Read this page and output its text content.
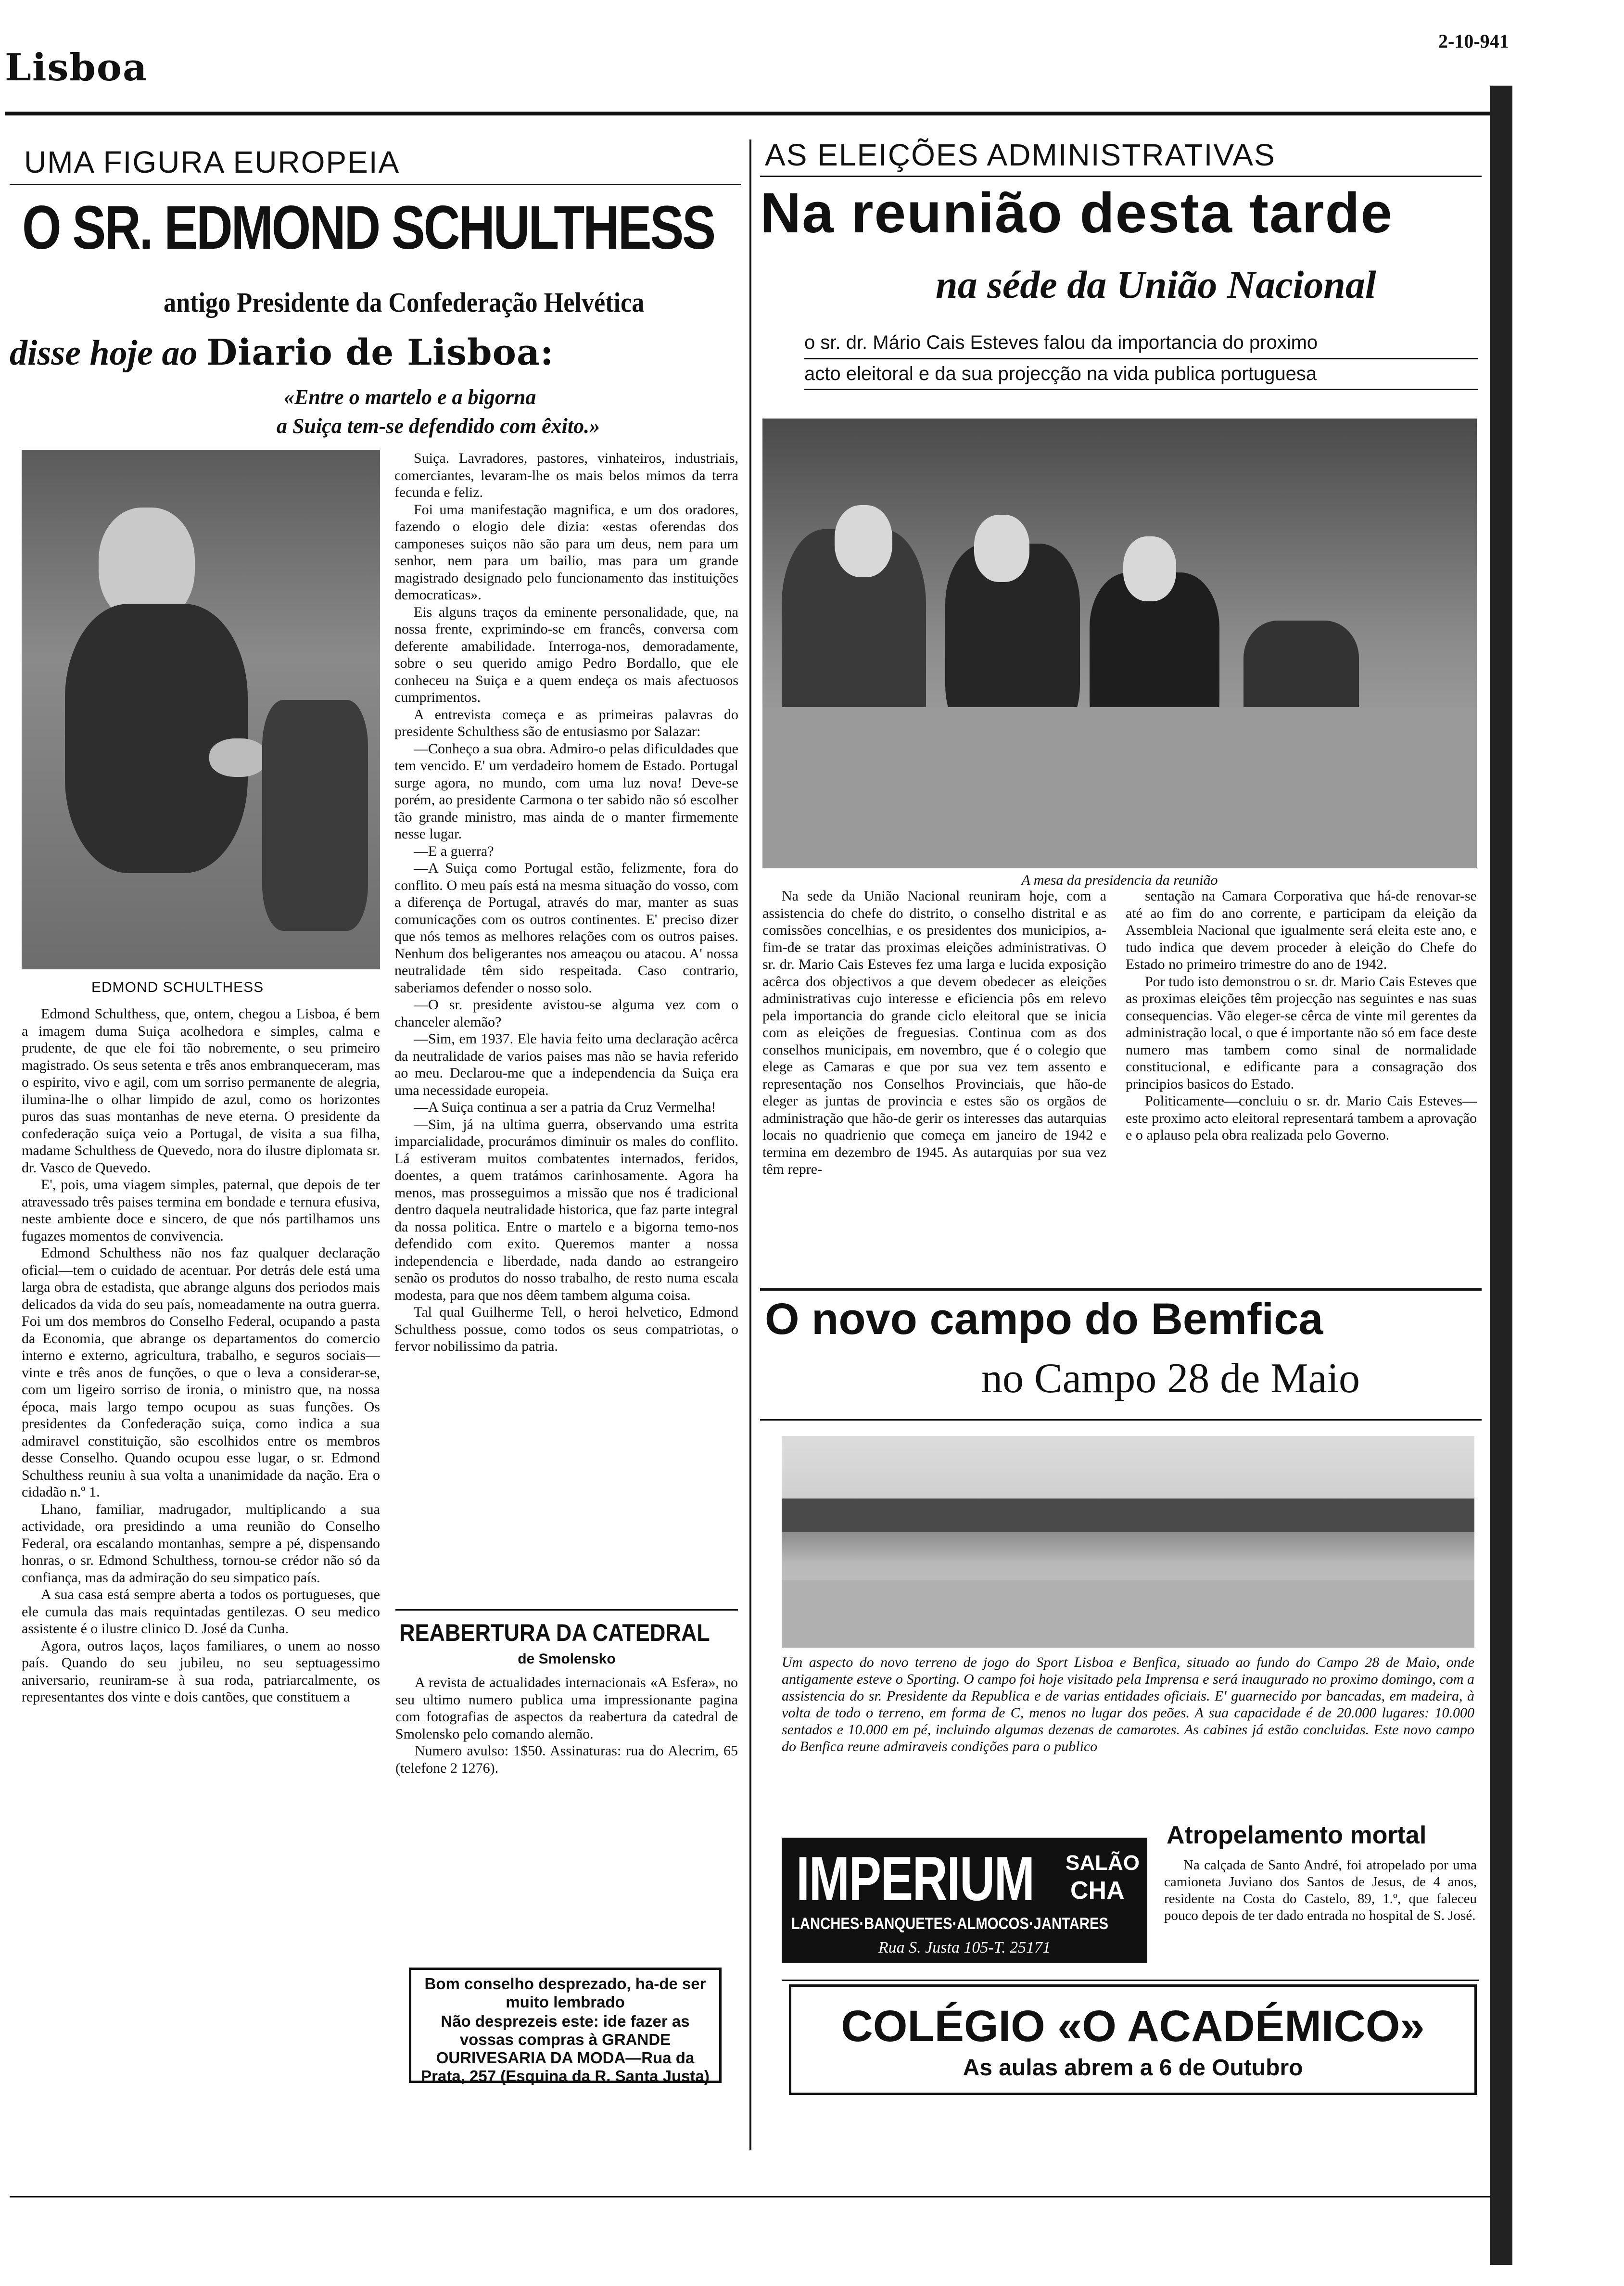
Lisboa
2-10-941
UMA FIGURA EUROPEIA
O SR. EDMOND SCHULTHESS
antigo Presidente da Confederação Helvética
disse hoje ao Diario de Lisboa:
«Entre o martelo e a bigorna
a Suiça tem-se defendido com êxito.»
EDMOND SCHULTHESS

Edmond Schulthess, que, ontem, chegou a Lisboa, é bem a imagem duma Suiça acolhedora e simples, calma e prudente, de que ele foi tão nobremente, o seu primeiro magistrado. Os seus setenta e três anos embranqueceram, mas o espirito, vivo e agil, com um sorriso permanente de alegria, ilumina-lhe o olhar limpido de azul, como os horizontes puros das suas montanhas de neve eterna. O presidente da confederação suiça veio a Portugal, de visita a sua filha, madame Schulthess de Quevedo, nora do ilustre diplomata sr. dr. Vasco de Quevedo.

E', pois, uma viagem simples, paternal, que depois de ter atravessado três paises termina em bondade e ternura efusiva, neste ambiente doce e sincero, de que nós partilhamos uns fugazes momentos de convivencia.

Edmond Schulthess não nos faz qualquer declaração oficial—tem o cuidado de acentuar. Por detrás dele está uma larga obra de estadista, que abrange alguns dos periodos mais delicados da vida do seu país, nomeadamente na outra guerra. Foi um dos membros do Conselho Federal, ocupando a pasta da Economia, que abrange os departamentos do comercio interno e externo, agricultura, trabalho, e seguros sociais—vinte e três anos de funções, o que o leva a considerar-se, com um ligeiro sorriso de ironia, o ministro que, na nossa época, mais largo tempo ocupou as suas funções. Os presidentes da Confederação suiça, como indica a sua admiravel constituição, são escolhidos entre os membros desse Conselho. Quando ocupou esse lugar, o sr. Edmond Schulthess reuniu à sua volta a unanimidade da nação. Era o cidadão n.º 1.

Lhano, familiar, madrugador, multiplicando a sua actividade, ora presidindo a uma reunião do Conselho Federal, ora escalando montanhas, sempre a pé, dispensando honras, o sr. Edmond Schulthess, tornou-se crédor não só da confiança, mas da admiração do seu simpatico país.

A sua casa está sempre aberta a todos os portugueses, que ele cumula das mais requintadas gentilezas. O seu medico assistente é o ilustre clinico D. José da Cunha.

Agora, outros laços, laços familiares, o unem ao nosso país. Quando do seu jubileu, no seu septuagessimo aniversario, reuniram-se à sua roda, patriarcalmente, os representantes dos vinte e dois cantões, que constituem a

Suiça. Lavradores, pastores, vinhateiros, industriais, comerciantes, levaram-lhe os mais belos mimos da terra fecunda e feliz.

Foi uma manifestação magnifica, e um dos oradores, fazendo o elogio dele dizia: «estas oferendas dos camponeses suiços não são para um deus, nem para um senhor, nem para um bailio, mas para um grande magistrado designado pelo funcionamento das instituições democraticas».

Eis alguns traços da eminente personalidade, que, na nossa frente, exprimindo-se em francês, conversa com deferente amabilidade. Interroga-nos, demoradamente, sobre o seu querido amigo Pedro Bordallo, que ele conheceu na Suiça e a quem endeça os mais afectuosos cumprimentos.

A entrevista começa e as primeiras palavras do presidente Schulthess são de entusiasmo por Salazar:

—Conheço a sua obra. Admiro-o pelas dificuldades que tem vencido. E' um verdadeiro homem de Estado. Portugal surge agora, no mundo, com uma luz nova! Deve-se porém, ao presidente Carmona o ter sabido não só escolher tão grande ministro, mas ainda de o manter firmemente nesse lugar.

—E a guerra?

—A Suiça como Portugal estão, felizmente, fora do conflito. O meu país está na mesma situação do vosso, com a diferença de Portugal, através do mar, manter as suas comunicações com os outros continentes. E' preciso dizer que nós temos as melhores relações com os outros paises. Nenhum dos beligerantes nos ameaçou ou atacou. A' nossa neutralidade têm sido respeitada. Caso contrario, saberiamos defender o nosso solo.

—O sr. presidente avistou-se alguma vez com o chanceler alemão?

—Sim, em 1937. Ele havia feito uma declaração acêrca da neutralidade de varios paises mas não se havia referido ao meu. Declarou-me que a independencia da Suiça era uma necessidade europeia.

—A Suiça continua a ser a patria da Cruz Vermelha!

—Sim, já na ultima guerra, observando uma estrita imparcialidade, procurámos diminuir os males do conflito. Lá estiveram muitos combatentes internados, feridos, doentes, a quem tratámos carinhosamente. Agora ha menos, mas prosseguimos a missão que nos é tradicional dentro daquela neutralidade historica, que faz parte integral da nossa politica. Entre o martelo e a bigorna temo-nos defendido com exito. Queremos manter a nossa independencia e liberdade, nada dando ao estrangeiro senão os produtos do nosso trabalho, de resto numa escala modesta, para que nos dêem tambem alguma coisa.

Tal qual Guilherme Tell, o heroi helvetico, Edmond Schulthess possue, como todos os seus compatriotas, o fervor nobilissimo da patria.

REABERTURA DA CATEDRAL
de Smolensko

A revista de actualidades internacionais «A Esfera», no seu ultimo numero publica uma impressionante pagina com fotografias de aspectos da reabertura da catedral de Smolensko pelo comando alemão.

Numero avulso: 1$50. Assinaturas: rua do Alecrim, 65 (telefone 2 1276).

Bom conselho desprezado, ha-de ser muito lembrado
Não desprezeis este: ide fazer as vossas compras à GRANDE OURIVESARIA DA MODA—Rua da Prata, 257 (Esquina da R. Santa Justa)
AS ELEIÇÕES ADMINISTRATIVAS
Na reunião desta tarde
na séde da União Nacional
o sr. dr. Mário Cais Esteves falou da importancia do proximo
acto eleitoral e da sua projecção na vida publica portuguesa
A mesa da presidencia da reunião

Na sede da União Nacional reuniram hoje, com a assistencia do chefe do distrito, o conselho distrital e as comissões concelhias, e os presidentes dos municipios, a-fim-de se tratar das proximas eleições administrativas. O sr. dr. Mario Cais Esteves fez uma larga e lucida exposição acêrca dos objectivos a que devem obedecer as eleições administrativas cujo interesse e eficiencia pôs em relevo pela importancia do grande ciclo eleitoral que se inicia com as eleições de freguesias. Continua com as dos conselhos municipais, em novembro, que é o colegio que elege as Camaras e que por sua vez tem assento e representação nos Conselhos Provinciais, que hão-de eleger as juntas de provincia e estes são os orgãos de administração que hão-de gerir os interesses das autarquias locais no quadrienio que começa em janeiro de 1942 e termina em dezembro de 1945. As autarquias por sua vez têm repre-

sentação na Camara Corporativa que há-de renovar-se até ao fim do ano corrente, e participam da eleição da Assembleia Nacional que igualmente será eleita este ano, e tudo indica que devem proceder à eleição do Chefe do Estado no primeiro trimestre do ano de 1942.

Por tudo isto demonstrou o sr. dr. Mario Cais Esteves que as proximas eleições têm projecção nas seguintes e nas suas consequencias. Vão eleger-se cêrca de vinte mil gerentes da administração local, o que é importante não só em face deste numero mas tambem como sinal de normalidade constitucional, e edificante para a consagração dos principios basicos do Estado.

Politicamente—concluiu o sr. dr. Mario Cais Esteves—este proximo acto eleitoral representará tambem a aprovação e o aplauso pela obra realizada pelo Governo.

O novo campo do Bemfica
no Campo 28 de Maio
Um aspecto do novo terreno de jogo do Sport Lisboa e Benfica, situado ao fundo do Campo 28 de Maio, onde antigamente esteve o Sporting. O campo foi hoje visitado pela Imprensa e será inaugurado no proximo domingo, com a assistencia do sr. Presidente da Republica e de varias entidades oficiais. E' guarnecido por bancadas, em madeira, à volta de todo o terreno, em forma de C, menos no lugar dos peões. A sua capacidade é de 20.000 lugares: 10.000 sentados e 10.000 em pé, incluindo algumas dezenas de camarotes. As cabines já estão concluidas. Este novo campo do Benfica reune admiraveis condições para o publico
IMPERIUM SALÃO
CHA
LANCHES·BANQUETES·ALMOCOS·JANTARES
Rua S. Justa 105-T. 25171
Atropelamento mortal

Na calçada de Santo André, foi atropelado por uma camioneta Juviano dos Santos de Jesus, de 4 anos, residente na Costa do Castelo, 89, 1.º, que faleceu pouco depois de ter dado entrada no hospital de S. José.

COLÉGIO «O ACADÉMICO»
As aulas abrem a 6 de Outubro
